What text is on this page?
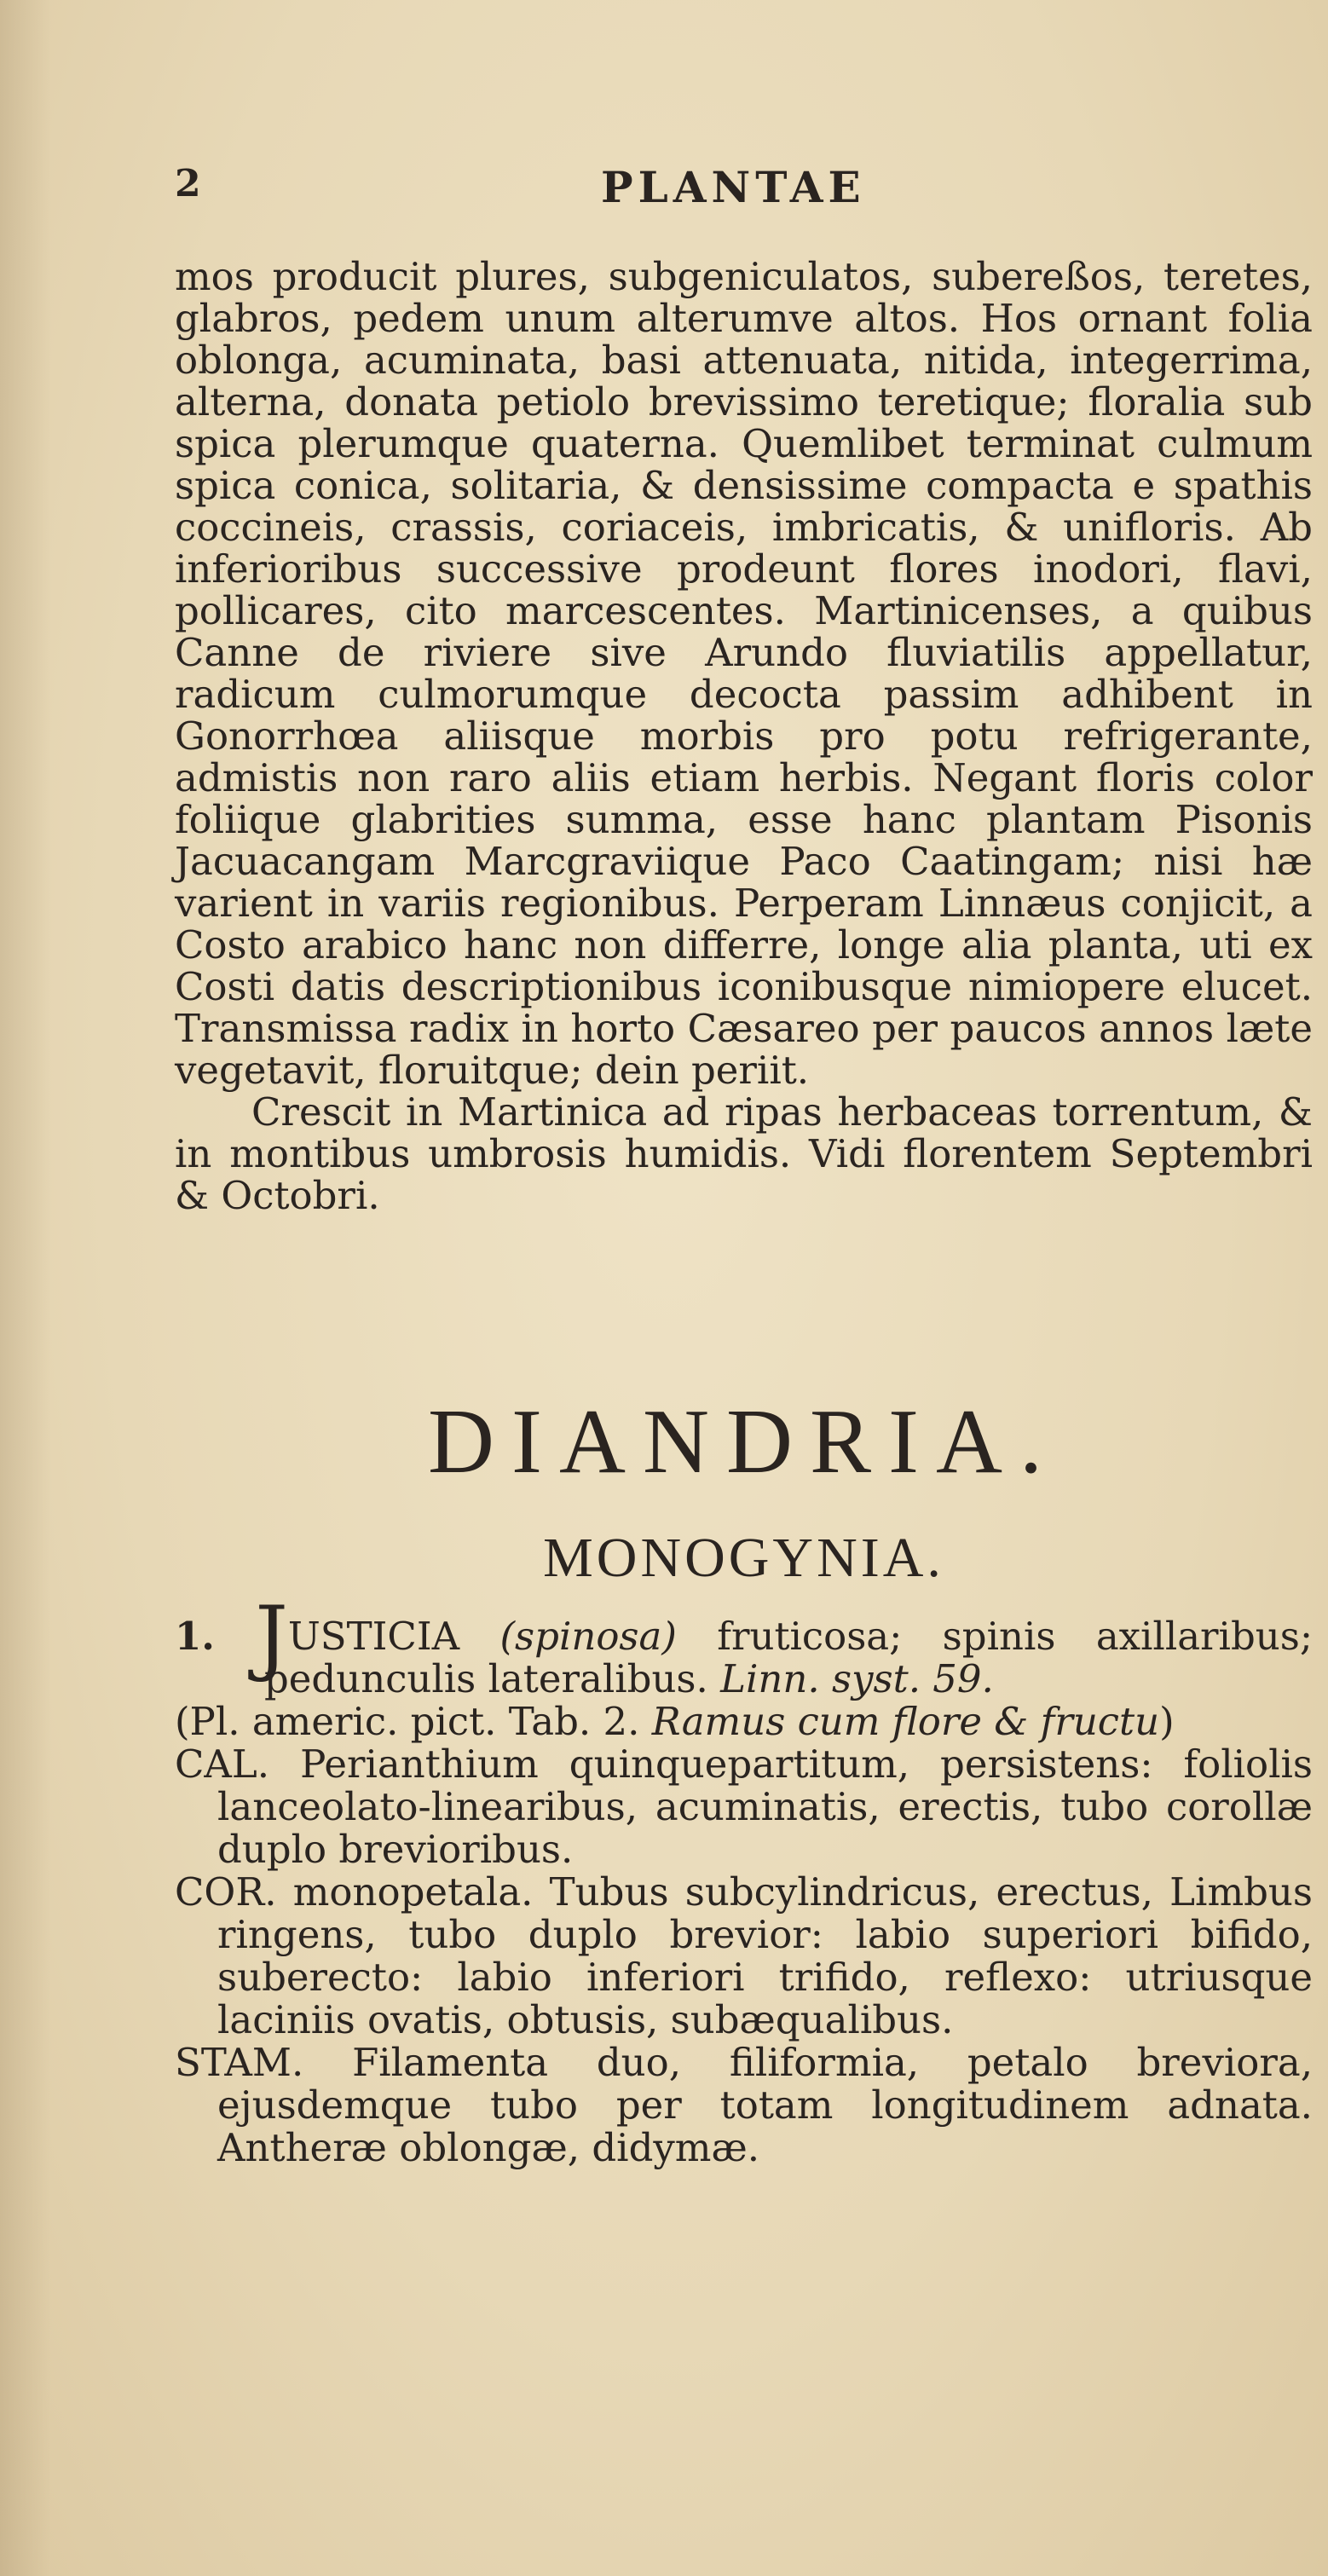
2	PLANTAE

mos producit plures, subgeniculatos, subereßos, teretes, glabros, pedem unum alterumve altos. Hos ornant folia oblonga, acuminata, basi attenuata, nitida, integerrima, alterna, donata petiolo brevissimo teretique; floralia sub spica plerumque quaterna. Quemlibet terminat culmum spica conica, solitaria, & densissime compacta e spathis coccineis, crassis, coriaceis, imbricatis, & unifloris. Ab inferioribus successive prodeunt flores inodori, flavi, pollicares, cito marcescentes. Martinicenses, a quibus Canne de riviere sive Arundo fluviatilis appellatur, radicum culmorumque decocta passim adhibent in Gonorrhœa aliisque morbis pro potu refrigerante, admistis non raro aliis etiam herbis. Negant floris color foliique glabrities summa, esse hanc plantam Pisonis Jacuacangam Marcgraviique Paco Caatingam; nisi hæ varient in variis regionibus. Perperam Linnæus conjicit, a Costo arabico hanc non differre, longe alia planta, uti ex Costi datis descriptionibus iconibusque nimiopere elucet. Transmissa radix in horto Cæsareo per paucos annos læte vegetavit, floruitque; dein periit.

Crescit in Martinica ad ripas herbaceas torrentum, & in montibus umbrosis humidis. Vidi florentem Septembri & Octobri.

DIANDRIA.
MONOGYNIA.

1. JUSTICIA (spinosa) fruticosa; spinis axillaribus; pedunculis lateralibus. Linn. syst. 59.

(Pl. americ. pict. Tab. 2. Ramus cum flore & fructu)

CAL. Perianthium quinquepartitum, persistens: foliolis lanceolato-linearibus, acuminatis, erectis, tubo corollæ duplo brevioribus.

COR. monopetala. Tubus subcylindricus, erectus, Limbus ringens, tubo duplo brevior: labio superiori bifido, suberecto: labio inferiori trifido, reflexo: utriusque laciniis ovatis, obtusis, subæqualibus.

STAM. Filamenta duo, filiformia, petalo breviora, ejusdemque tubo per totam longitudinem adnata. Antheræ oblongæ, didymæ.
